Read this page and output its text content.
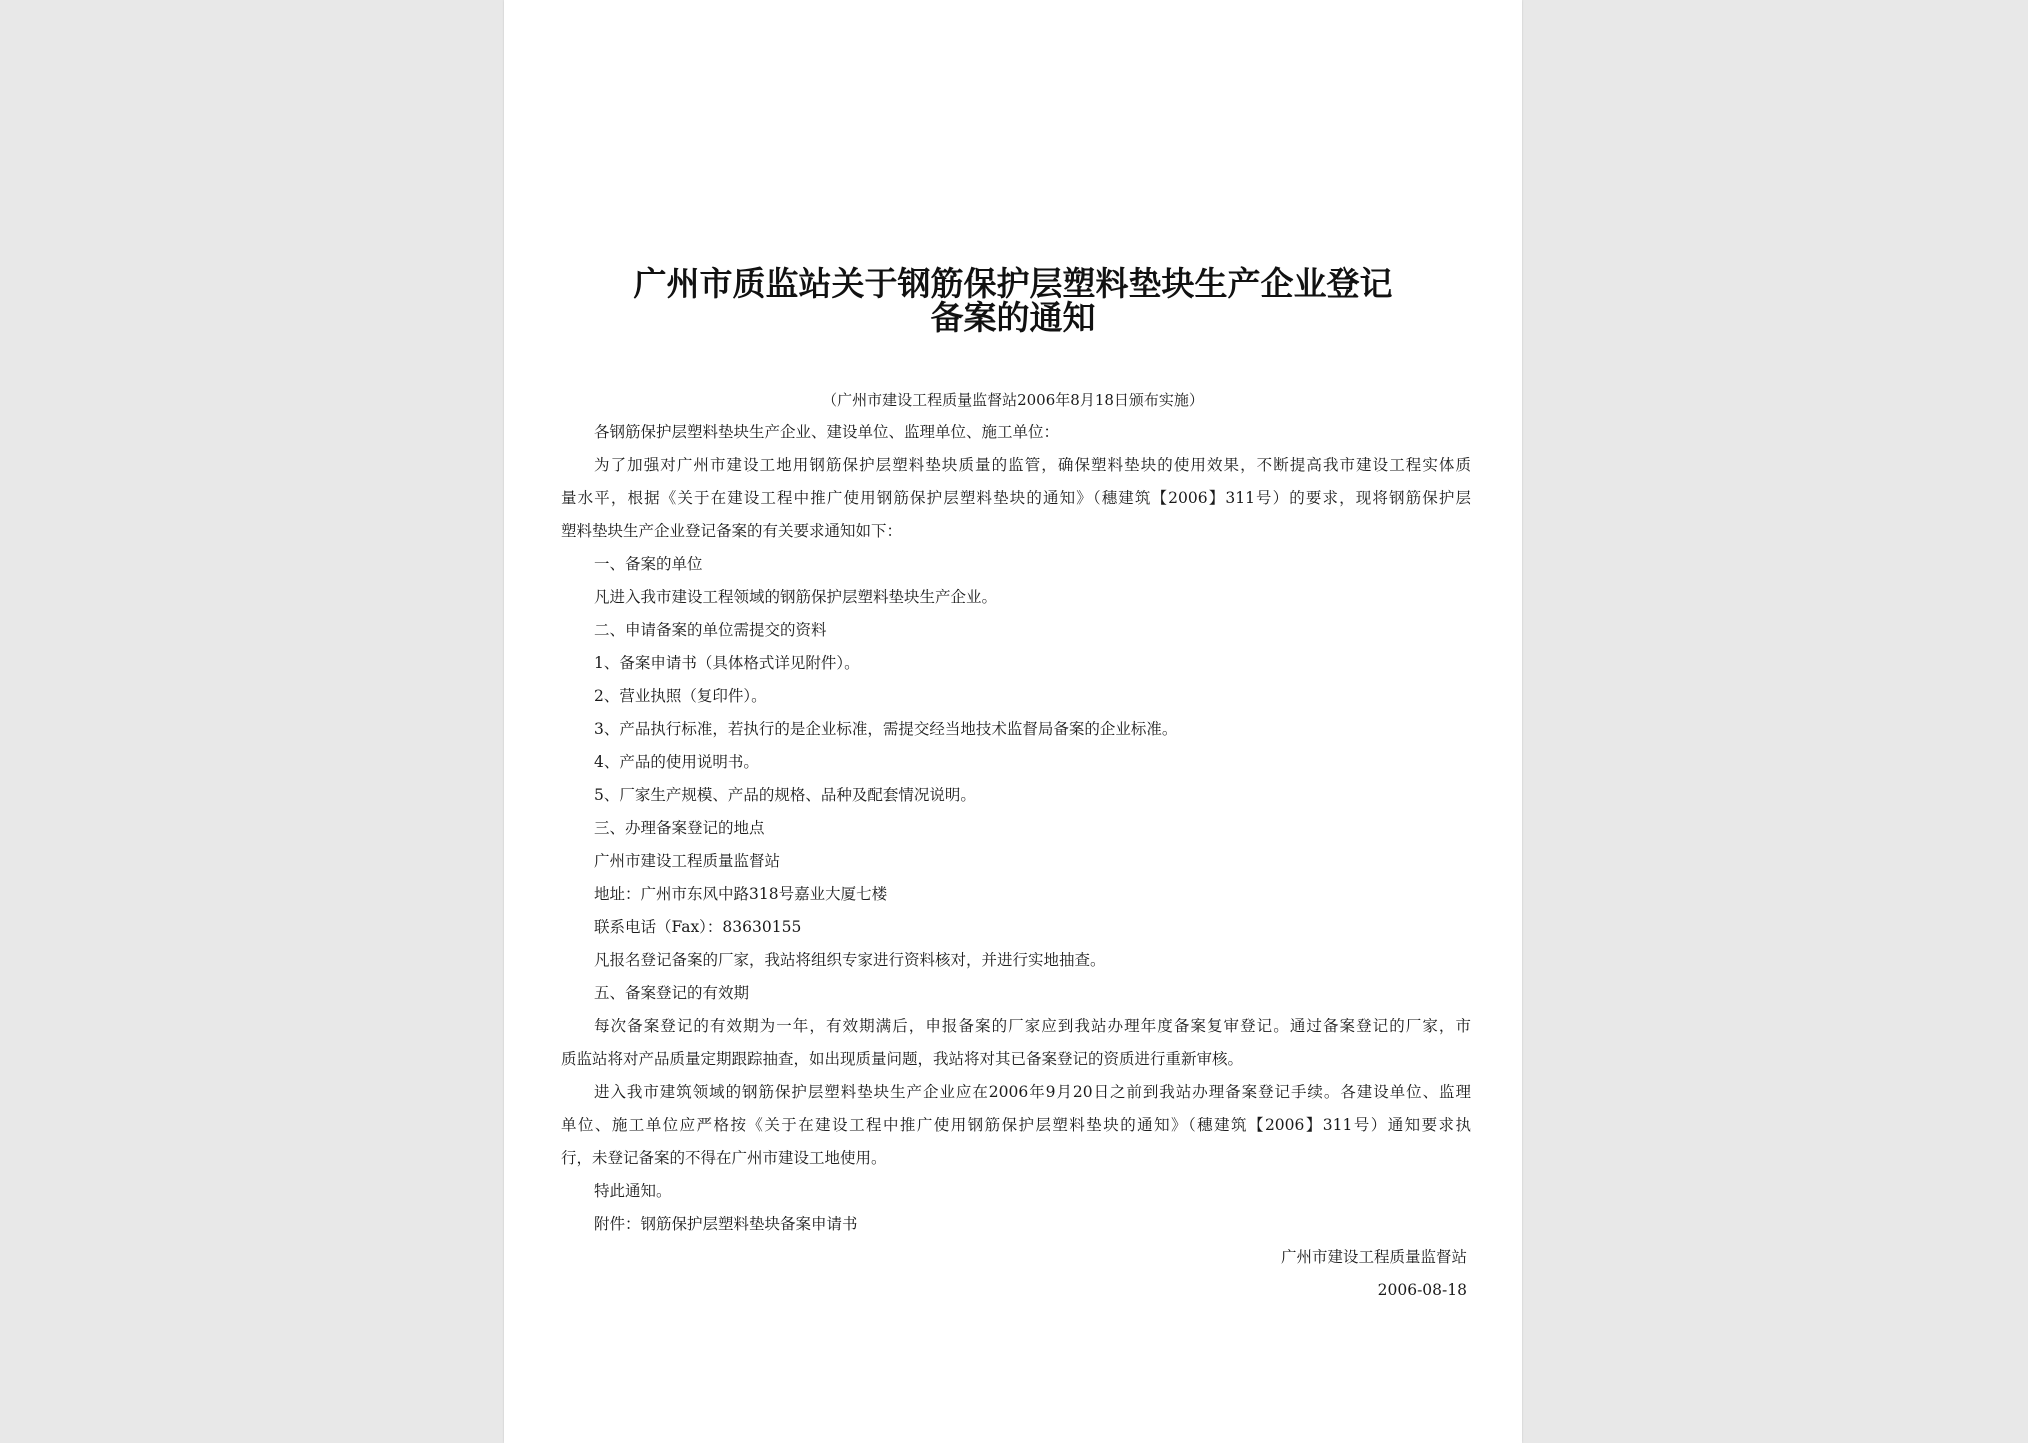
广州市质监站关于钢筋保护层塑料垫块生产企业登记
备案的通知
（广州市建设工程质量监督站2006年8月18日颁布实施）
各钢筋保护层塑料垫块生产企业、建设单位、监理单位、施工单位：
为了加强对广州市建设工地用钢筋保护层塑料垫块质量的监管，确保塑料垫块的使用效果，不断提高我市建设工程实体质
量水平，根据《关于在建设工程中推广使用钢筋保护层塑料垫块的通知》（穗建筑【2006】311号）的要求，现将钢筋保护层
塑料垫块生产企业登记备案的有关要求通知如下：
一、备案的单位
凡进入我市建设工程领域的钢筋保护层塑料垫块生产企业。
二、申请备案的单位需提交的资料
1、备案申请书（具体格式详见附件）。
2、营业执照（复印件）。
3、产品执行标准，若执行的是企业标准，需提交经当地技术监督局备案的企业标准。
4、产品的使用说明书。
5、厂家生产规模、产品的规格、品种及配套情况说明。
三、办理备案登记的地点
广州市建设工程质量监督站
地址：广州市东风中路318号嘉业大厦七楼
联系电话（Fax）：83630155
凡报名登记备案的厂家，我站将组织专家进行资料核对，并进行实地抽查。
五、备案登记的有效期
每次备案登记的有效期为一年，有效期满后，申报备案的厂家应到我站办理年度备案复审登记。通过备案登记的厂家，市
质监站将对产品质量定期跟踪抽查，如出现质量问题，我站将对其已备案登记的资质进行重新审核。
进入我市建筑领域的钢筋保护层塑料垫块生产企业应在2006年9月20日之前到我站办理备案登记手续。各建设单位、监理
单位、施工单位应严格按《关于在建设工程中推广使用钢筋保护层塑料垫块的通知》（穗建筑【2006】311号）通知要求执
行，未登记备案的不得在广州市建设工地使用。
特此通知。
附件：钢筋保护层塑料垫块备案申请书
广州市建设工程质量监督站
2006-08-18
